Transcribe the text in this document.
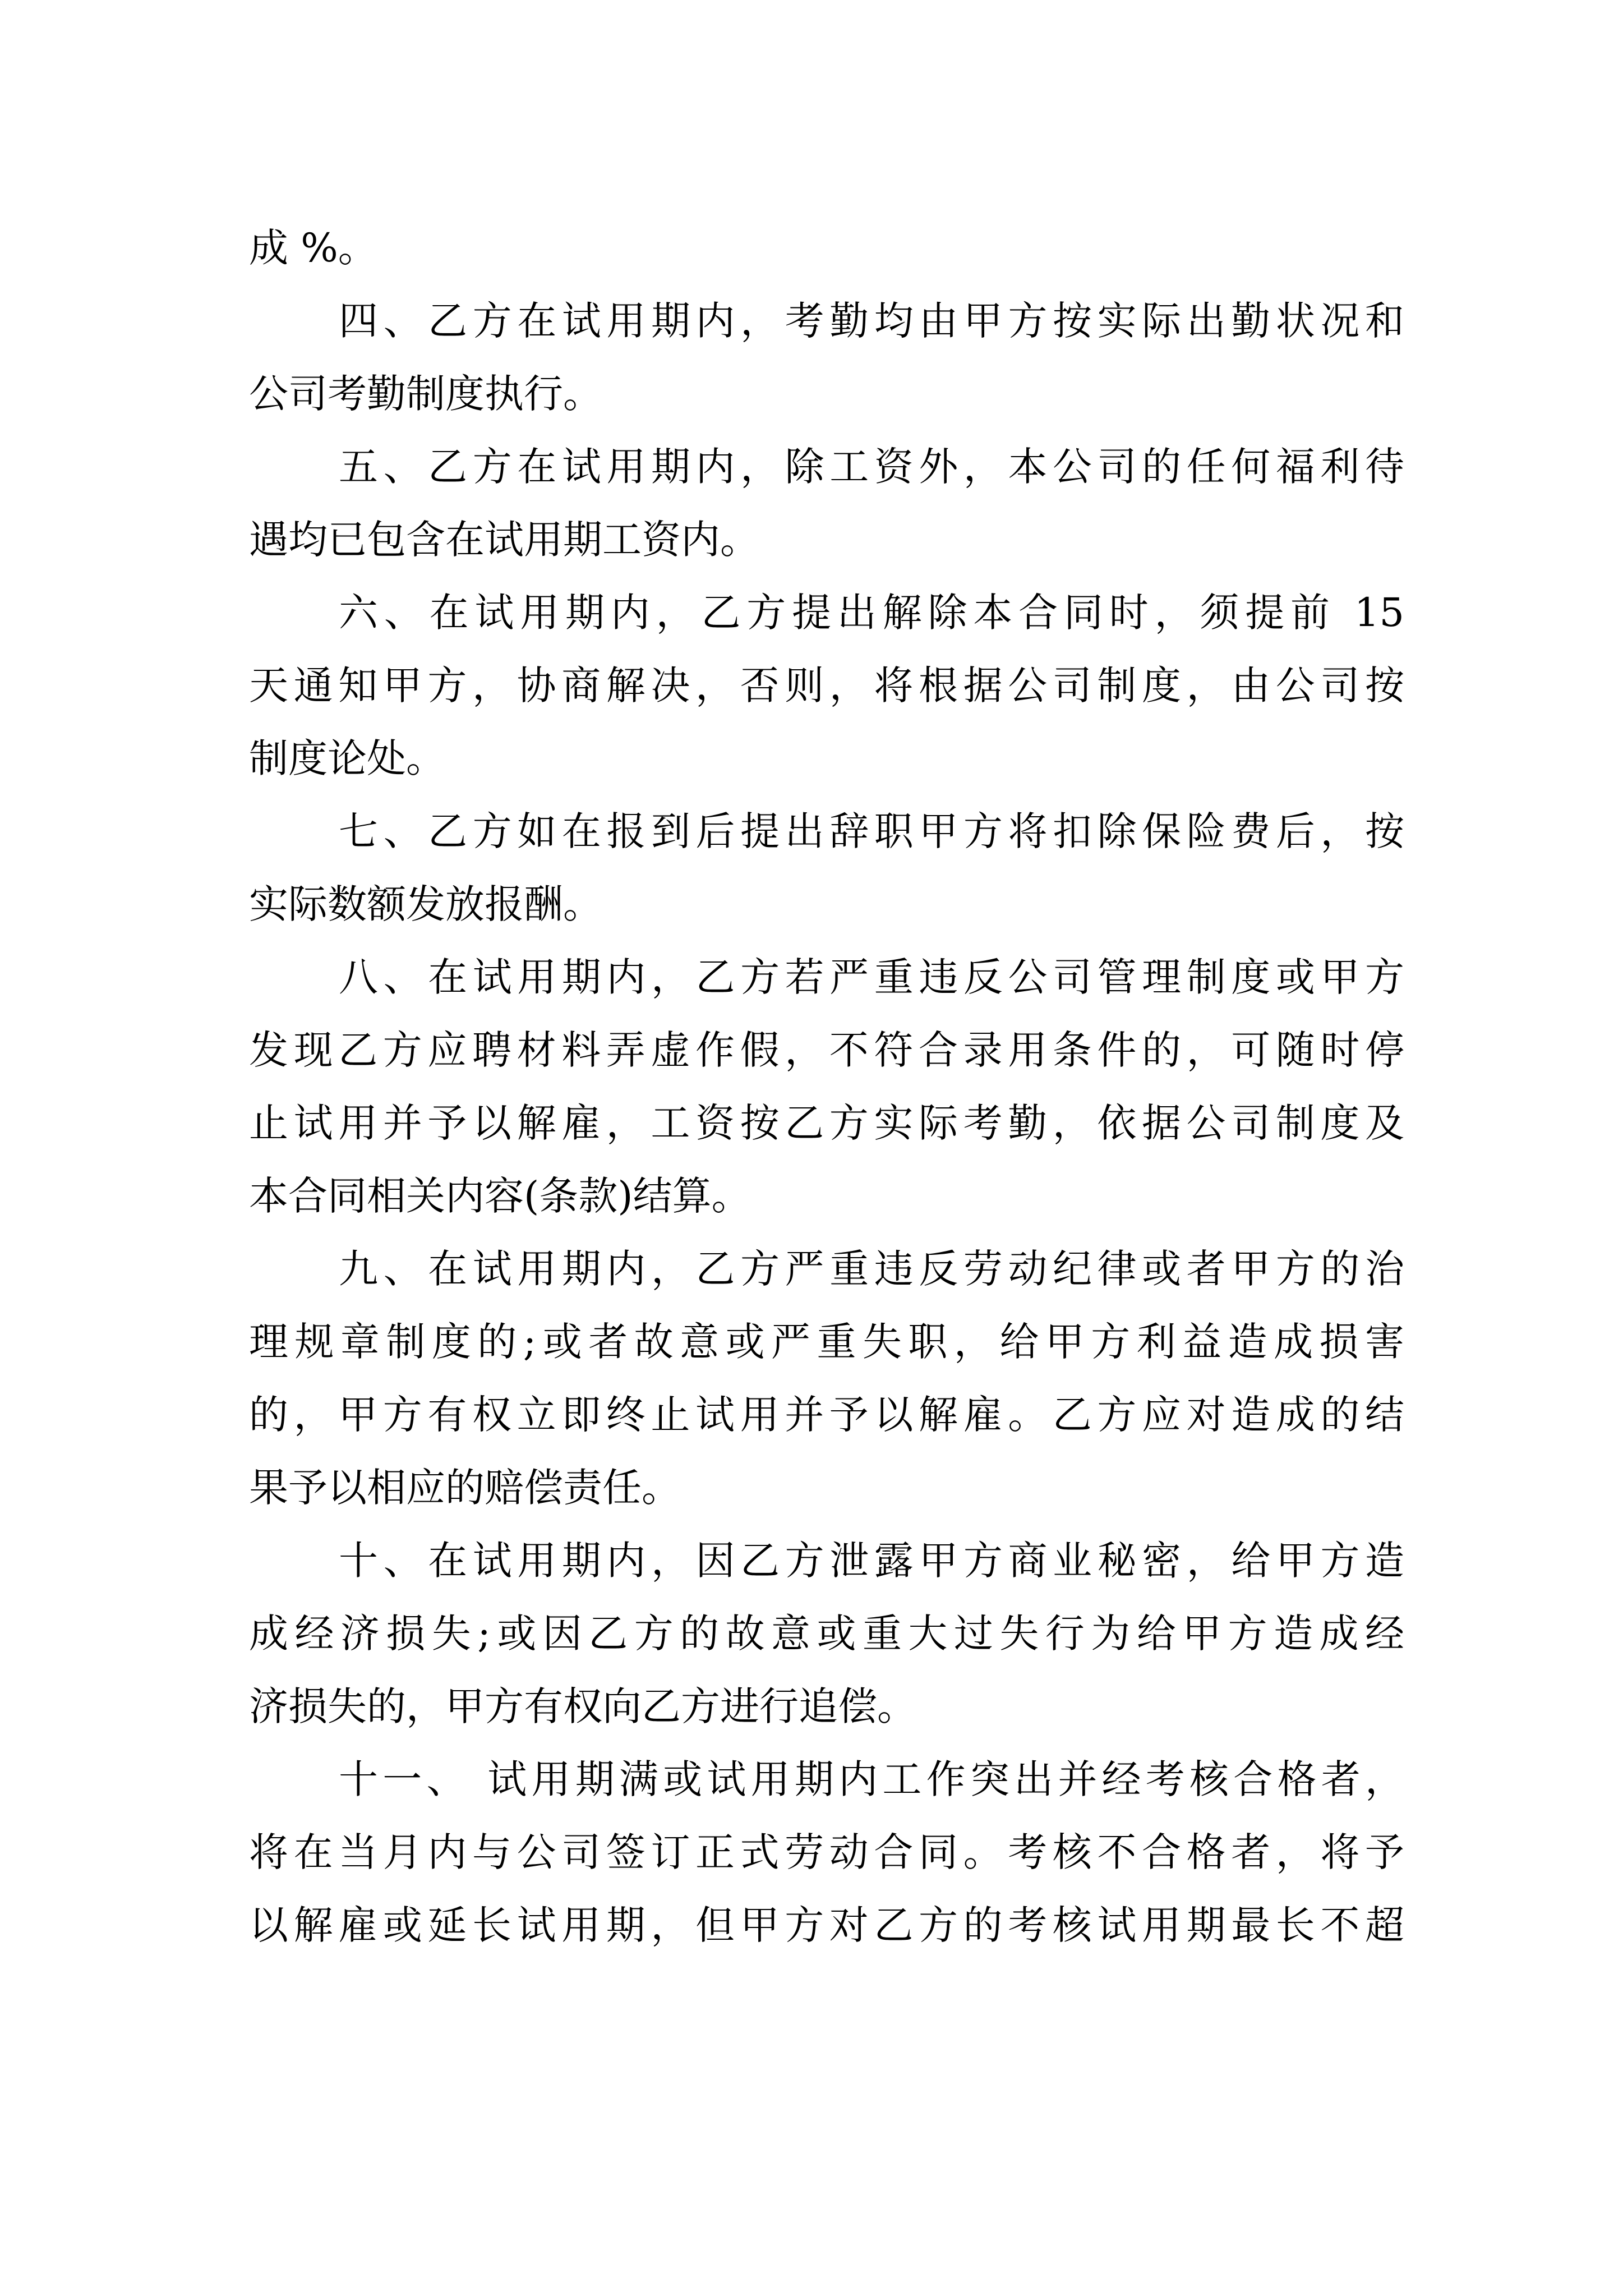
成 %。
四、乙方在试用期内，考勤均由甲方按实际出勤状况和
公司考勤制度执行。
五、乙方在试用期内，除工资外，本公司的任何福利待
遇均已包含在试用期工资内。
六、在试用期内，乙方提出解除本合同时，须提前 15
天通知甲方，协商解决，否则，将根据公司制度，由公司按
制度论处。
七、乙方如在报到后提出辞职甲方将扣除保险费后，按
实际数额发放报酬。
八、在试用期内，乙方若严重违反公司管理制度或甲方
发现乙方应聘材料弄虚作假，不符合录用条件的，可随时停
止试用并予以解雇，工资按乙方实际考勤，依据公司制度及
本合同相关内容(条款)结算。
九、在试用期内，乙方严重违反劳动纪律或者甲方的治
理规章制度的;或者故意或严重失职，给甲方利益造成损害
的，甲方有权立即终止试用并予以解雇。乙方应对造成的结
果予以相应的赔偿责任。
十、在试用期内，因乙方泄露甲方商业秘密，给甲方造
成经济损失;或因乙方的故意或重大过失行为给甲方造成经
济损失的，甲方有权向乙方进行追偿。
十一、 试用期满或试用期内工作突出并经考核合格者，
将在当月内与公司签订正式劳动合同。考核不合格者，将予
以解雇或延长试用期，但甲方对乙方的考核试用期最长不超
